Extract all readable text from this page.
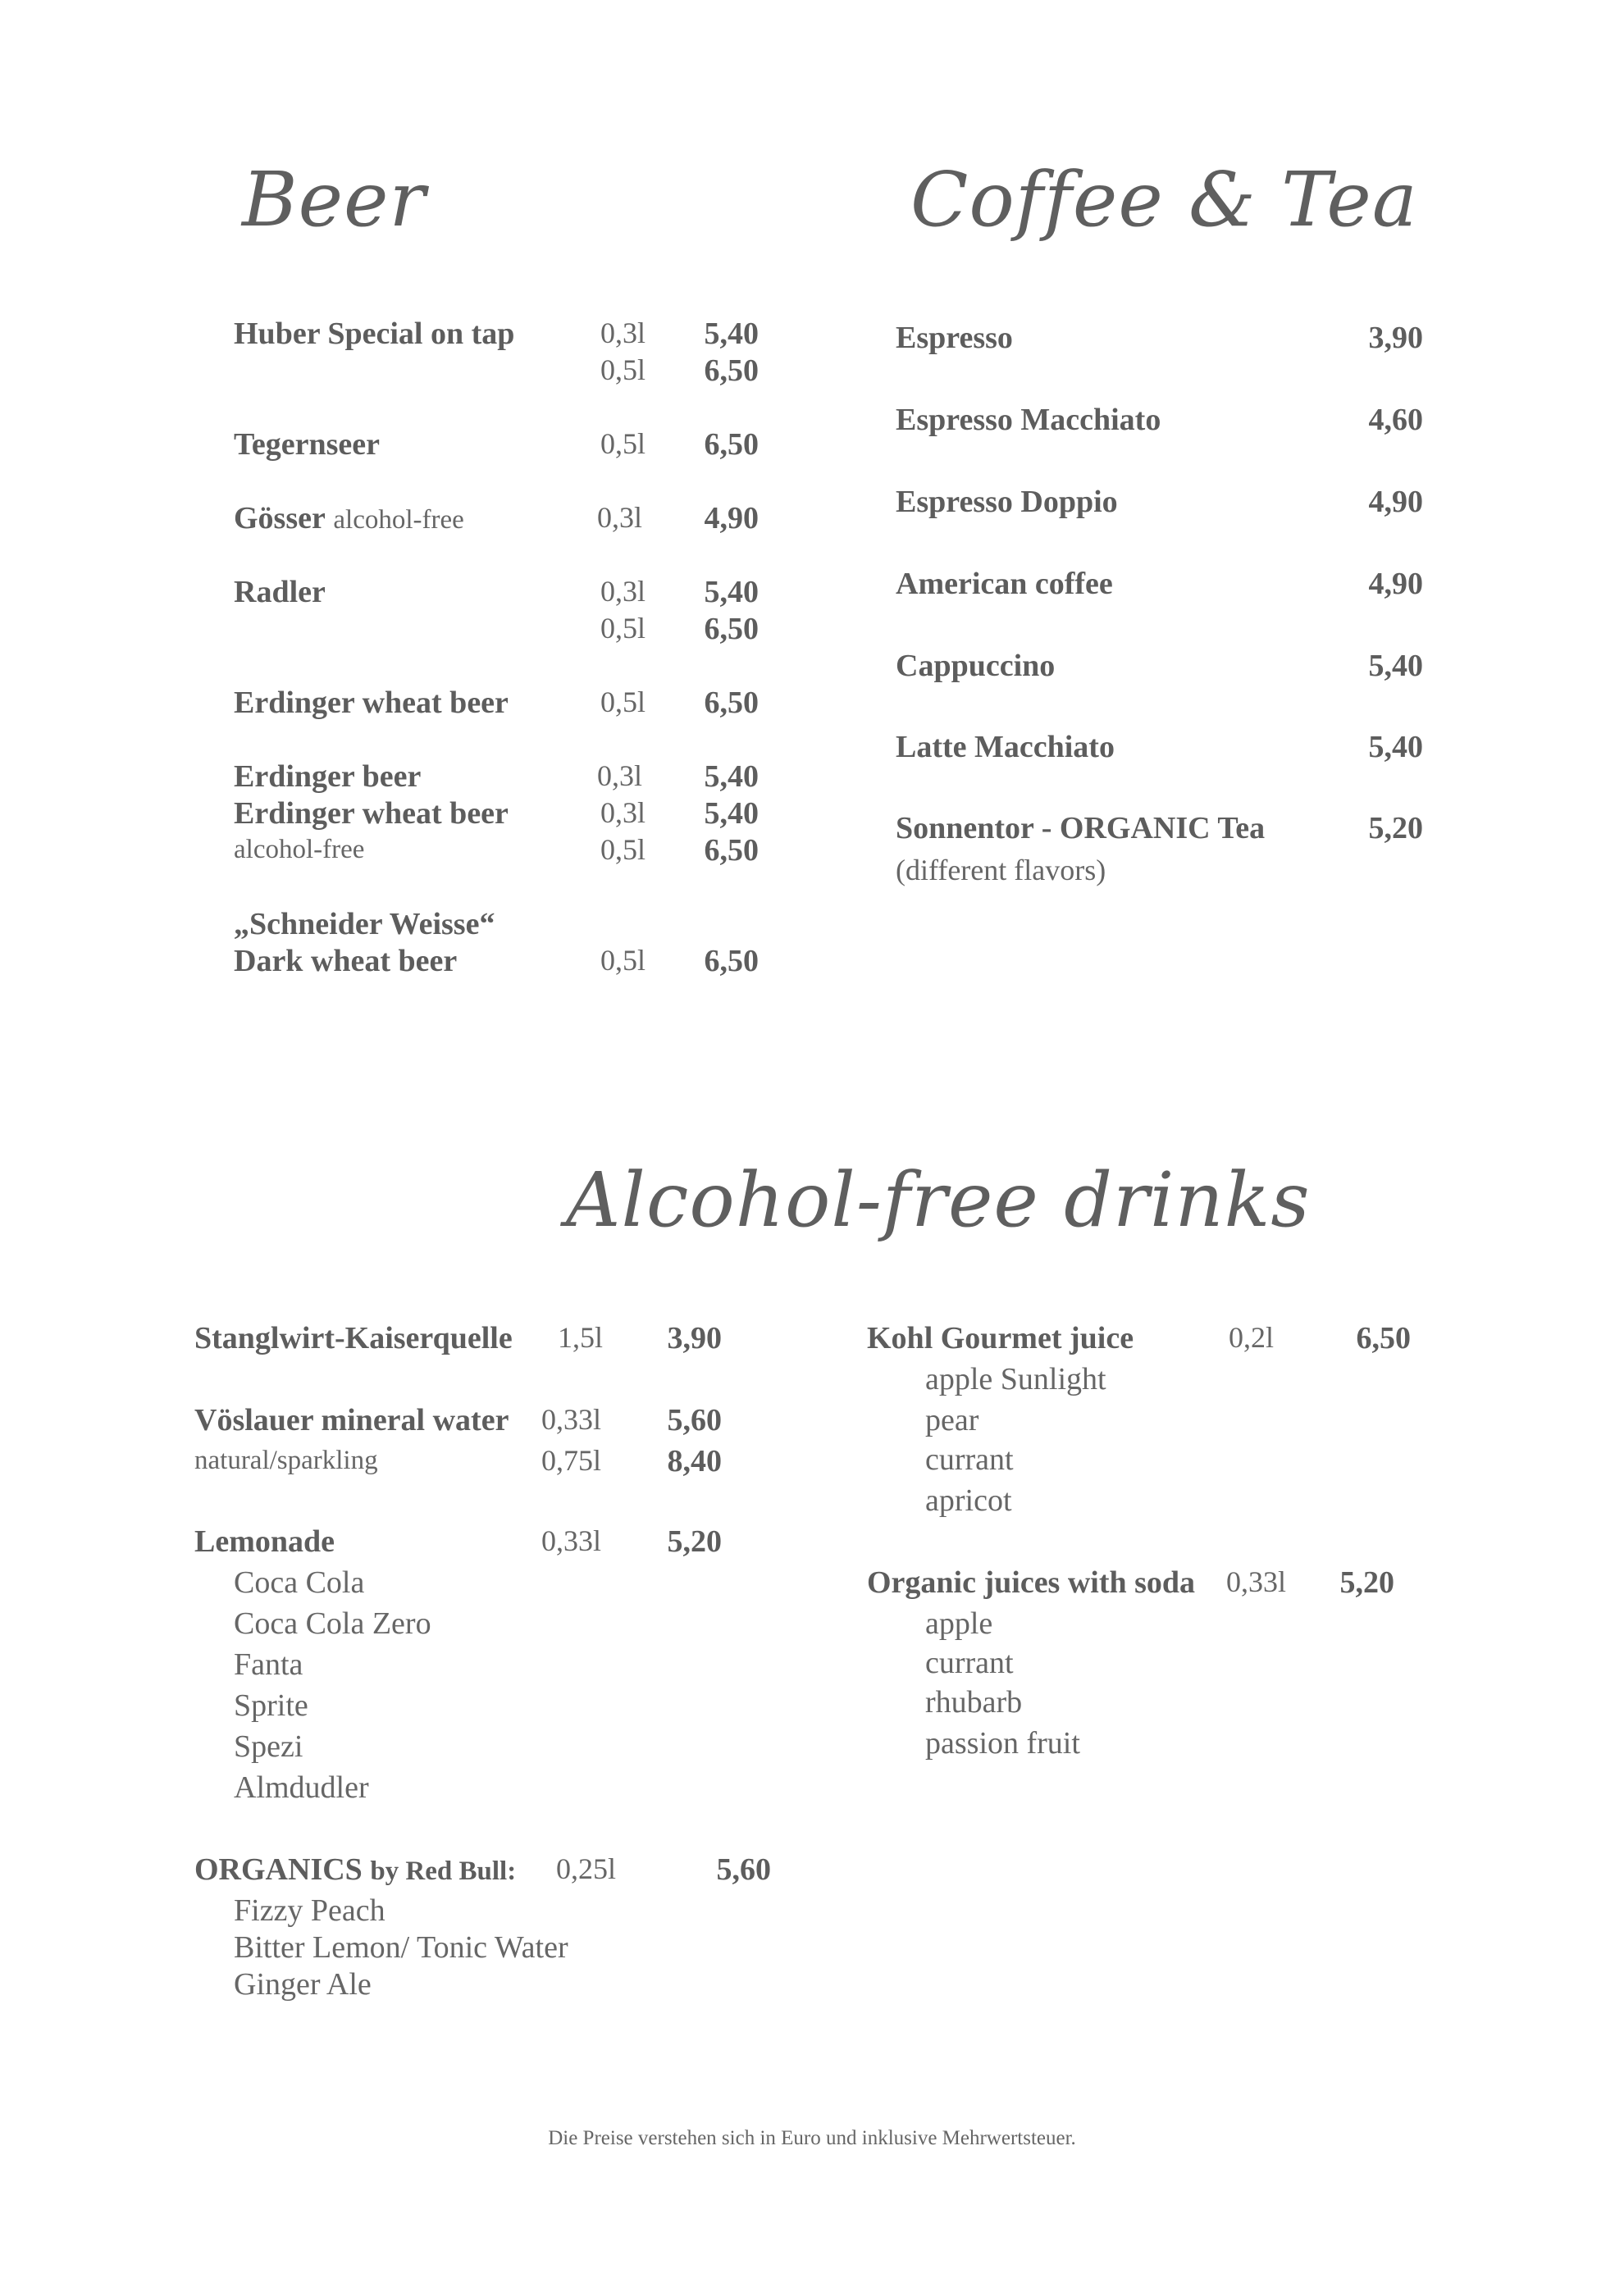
Beer	Coffee & Tea
Huber Special on tap	0,3l	5,40
0,5l	6,50
Tegernseer	0,5l	6,50
Gösser alcohol-free	0,3l	4,90
Radler	0,3l	5,40
0,5l	6,50
Erdinger wheat beer	0,5l	6,50
Erdinger beer	0,3l	5,40
Erdinger wheat beer	0,3l	5,40
alcohol-free	0,5l	6,50
„Schneider Weisse“
Dark wheat beer	0,5l	6,50
Espresso	3,90
Espresso Macchiato	4,60
Espresso Doppio	4,90
American coffee	4,90
Cappuccino	5,40
Latte Macchiato	5,40
Sonnentor - ORGANIC Tea	5,20
(different flavors)
Alcohol-free drinks
Stanglwirt-Kaiserquelle 1,5l	3,90
Vöslauer mineral water 0,33l	5,60
natural/sparkling	0,75l	8,40
Lemonade	0,33l	5,20
Coca Cola
Coca Cola Zero
Fanta
Sprite
Spezi
Almdudler
ORGANICS by Red Bull: 0,25l	5,60
Fizzy Peach
Bitter Lemon/ Tonic Water
Ginger Ale
Kohl Gourmet juice	0,2l	6,50
apple Sunlight
pear
currant
apricot
Organic juices with soda 0,33l	5,20
apple
currant
rhubarb
passion fruit
Die Preise verstehen sich in Euro und inklusive Mehrwertsteuer.
